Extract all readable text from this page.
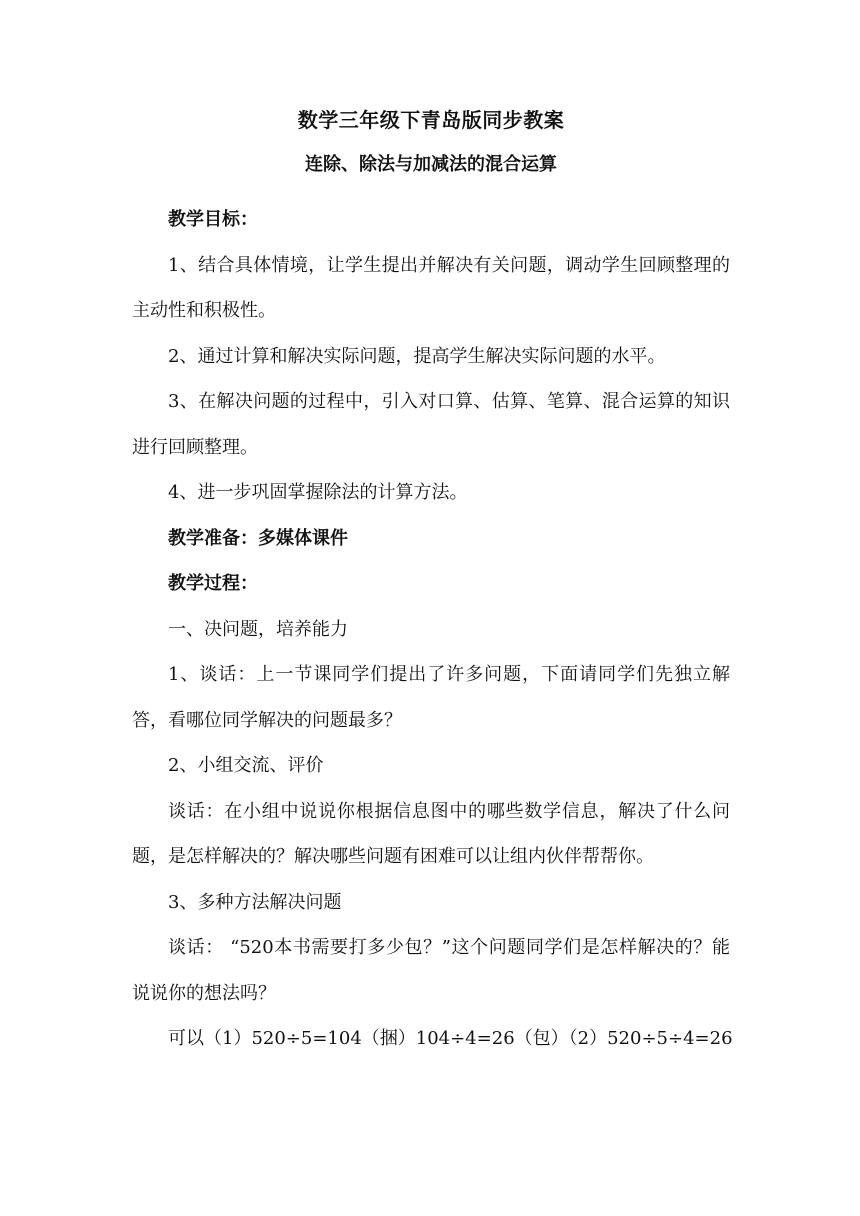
数学三年级下青岛版同步教案
连除、除法与加减法的混合运算

教学目标：

1、结合具体情境，让学生提出并解决有关问题，调动学生回顾整理的主动性和积极性。

2、通过计算和解决实际问题，提高学生解决实际问题的水平。

3、在解决问题的过程中，引入对口算、估算、笔算、混合运算的知识进行回顾整理。

4、进一步巩固掌握除法的计算方法。

教学准备：多媒体课件

教学过程：

一、决问题，培养能力

1、谈话：上一节课同学们提出了许多问题，下面请同学们先独立解答，看哪位同学解决的问题最多？

2、小组交流、评价

谈话：在小组中说说你根据信息图中的哪些数学信息，解决了什么问题，是怎样解决的？解决哪些问题有困难可以让组内伙伴帮帮你。

3、多种方法解决问题

谈话： “520本书需要打多少包？”这个问题同学们是怎样解决的？能说说你的想法吗？

可以（1）520÷5=104（捆）104÷4=26（包）（2）520÷5÷4=26
